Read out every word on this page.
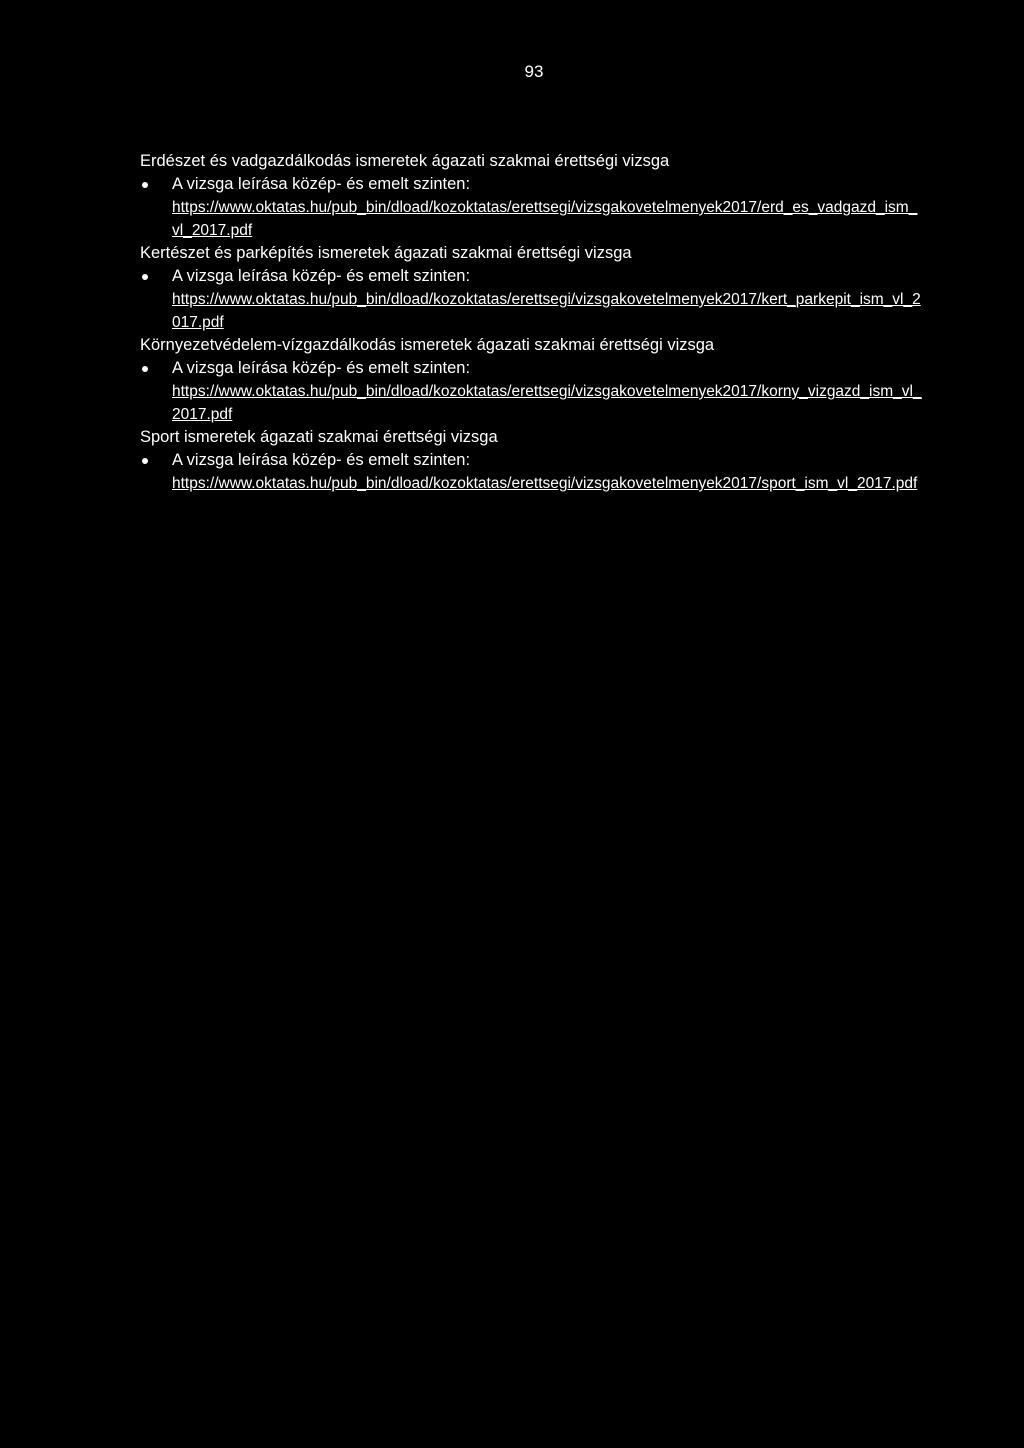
93
Erdészet és vadgazdálkodás ismeretek ágazati szakmai érettségi vizsga
A vizsga leírása közép- és emelt szinten:
https://www.oktatas.hu/pub_bin/dload/kozoktatas/erettsegi/vizsgakovetelmenyek2017/erd_es_vadgazd_ism_vl_2017.pdf
Kertészet és parképítés ismeretek ágazati szakmai érettségi vizsga
A vizsga leírása közép- és emelt szinten:
https://www.oktatas.hu/pub_bin/dload/kozoktatas/erettsegi/vizsgakovetelmenyek2017/kert_parkepit_ism_vl_2017.pdf
Környezetvédelem-vízgazdálkodás ismeretek ágazati szakmai érettségi vizsga
A vizsga leírása közép- és emelt szinten:
https://www.oktatas.hu/pub_bin/dload/kozoktatas/erettsegi/vizsgakovetelmenyek2017/korny_vizgazd_ism_vl_2017.pdf
Sport ismeretek ágazati szakmai érettségi vizsga
A vizsga leírása közép- és emelt szinten:
https://www.oktatas.hu/pub_bin/dload/kozoktatas/erettsegi/vizsgakovetelmenyek2017/sport_ism_vl_2017.pdf
